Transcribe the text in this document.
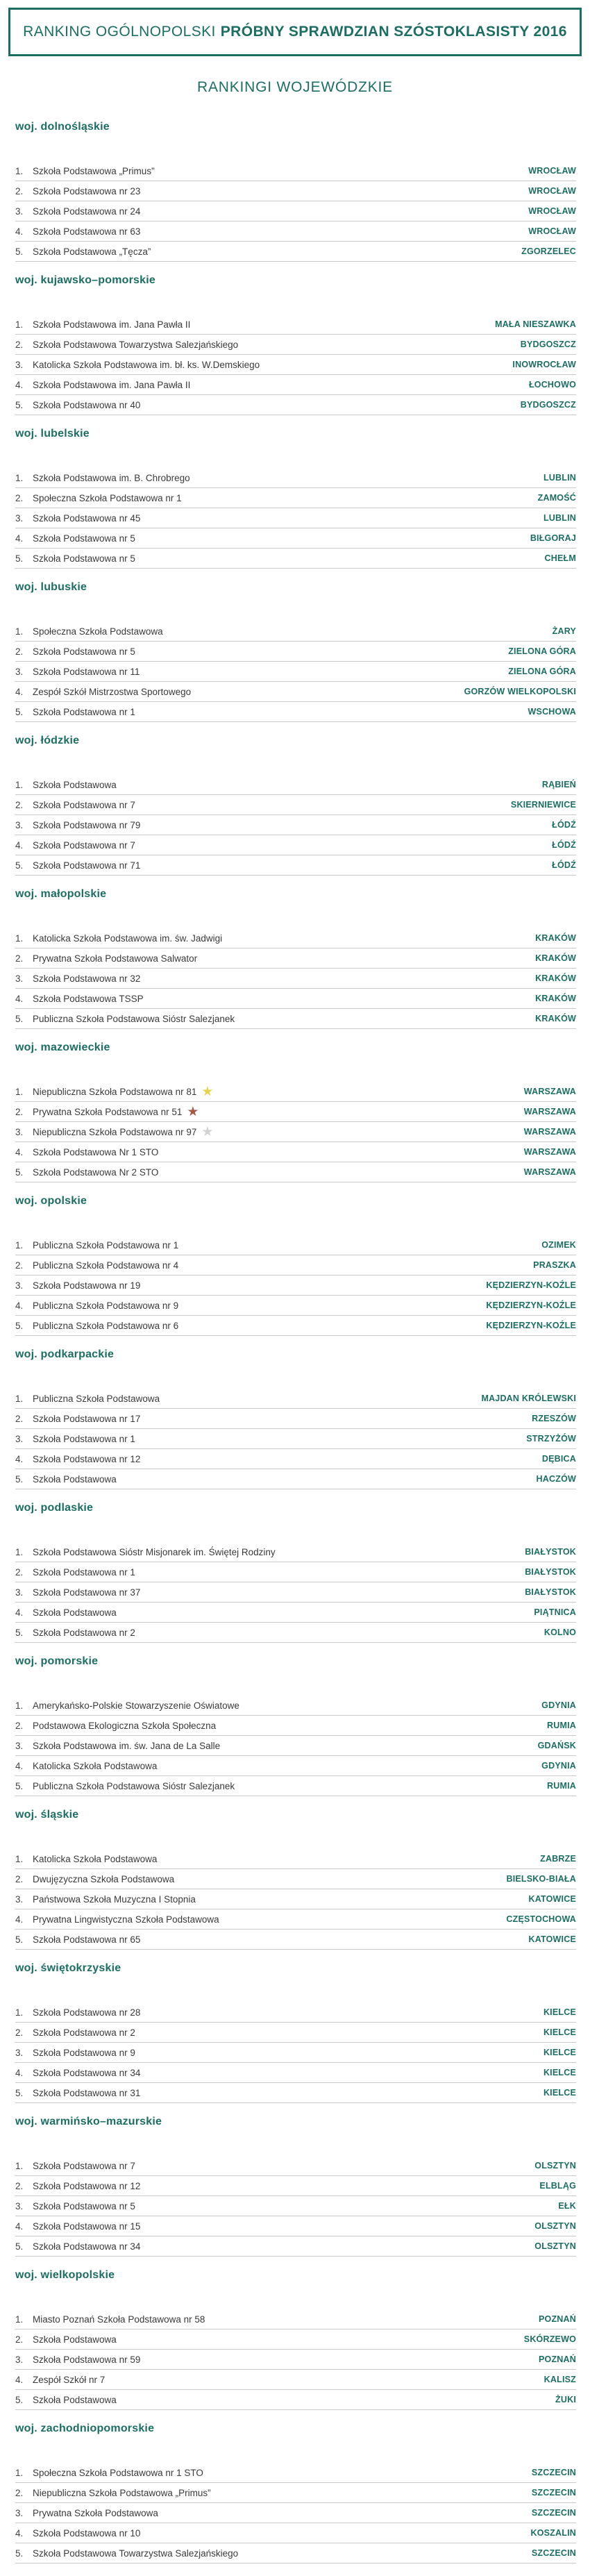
RANKING OGÓLNOPOLSKI PRÓBNY SPRAWDZIAN SZÓSTOKLASISTY 2016
RANKINGI WOJEWÓDZKIE
woj. dolnośląskie
1.	Szkoła Podstawowa „Primus”	WROCŁAW
2.	Szkoła Podstawowa nr 23	WROCŁAW
3.	Szkoła Podstawowa nr 24	WROCŁAW
4.	Szkoła Podstawowa nr 63	WROCŁAW
5.	Szkoła Podstawowa „Tęcza”	ZGORZELEC
woj. kujawsko–pomorskie
1.	Szkoła Podstawowa im. Jana Pawła II	MAŁA NIESZAWKA
2.	Szkoła Podstawowa Towarzystwa Salezjańskiego	BYDGOSZCZ
3.	Katolicka Szkoła Podstawowa im. bł. ks. W.Demskiego	INOWROCŁAW
4.	Szkoła Podstawowa im. Jana Pawła II	ŁOCHOWO
5.	Szkoła Podstawowa nr 40	BYDGOSZCZ
woj. lubelskie
1.	Szkoła Podstawowa im. B. Chrobrego	LUBLIN
2.	Społeczna Szkoła Podstawowa nr 1	ZAMOŚĆ
3.	Szkoła Podstawowa nr 45	LUBLIN
4.	Szkoła Podstawowa nr 5	BIŁGORAJ
5.	Szkoła Podstawowa nr 5	CHEŁM
woj. lubuskie
1.	Społeczna Szkoła Podstawowa	ŻARY
2.	Szkoła Podstawowa nr 5	ZIELONA GÓRA
3.	Szkoła Podstawowa nr 11	ZIELONA GÓRA
4.	Zespół Szkół Mistrzostwa Sportowego	GORZÓW WIELKOPOLSKI
5.	Szkoła Podstawowa nr 1	WSCHOWA
woj. łódzkie
1.	Szkoła Podstawowa	RĄBIEŃ
2.	Szkoła Podstawowa nr 7	SKIERNIEWICE
3.	Szkoła Podstawowa nr 79	ŁÓDŹ
4.	Szkoła Podstawowa nr 7	ŁÓDŹ
5.	Szkoła Podstawowa nr 71	ŁÓDŹ
woj. małopolskie
1.	Katolicka Szkoła Podstawowa im. św. Jadwigi	KRAKÓW
2.	Prywatna Szkoła Podstawowa Salwator	KRAKÓW
3.	Szkoła Podstawowa nr 32	KRAKÓW
4.	Szkoła Podstawowa TSSP	KRAKÓW
5.	Publiczna Szkoła Podstawowa Sióstr Salezjanek	KRAKÓW
woj. mazowieckie
1.	Niepubliczna Szkoła Podstawowa nr 81 ★	WARSZAWA
2.	Prywatna Szkoła Podstawowa nr 51 ★	WARSZAWA
3.	Niepubliczna Szkoła Podstawowa nr 97 ★	WARSZAWA
4.	Szkoła Podstawowa Nr 1 STO	WARSZAWA
5.	Szkoła Podstawowa Nr 2 STO	WARSZAWA
woj. opolskie
1.	Publiczna Szkoła Podstawowa nr 1	OZIMEK
2.	Publiczna Szkoła Podstawowa nr 4	PRASZKA
3.	Szkoła Podstawowa nr 19	KĘDZIERZYN-KOŹLE
4.	Publiczna Szkoła Podstawowa nr 9	KĘDZIERZYN-KOŹLE
5.	Publiczna Szkoła Podstawowa nr 6	KĘDZIERZYN-KOŹLE
woj. podkarpackie
1.	Publiczna Szkoła Podstawowa	MAJDAN KRÓLEWSKI
2.	Szkoła Podstawowa nr 17	RZESZÓW
3.	Szkoła Podstawowa nr 1	STRZYŻÓW
4.	Szkoła Podstawowa nr 12	DĘBICA
5.	Szkoła Podstawowa	HACZÓW
woj. podlaskie
1.	Szkoła Podstawowa Sióstr Misjonarek im. Świętej Rodziny	BIAŁYSTOK
2.	Szkoła Podstawowa nr 1	BIAŁYSTOK
3.	Szkoła Podstawowa nr 37	BIAŁYSTOK
4.	Szkoła Podstawowa	PIĄTNICA
5.	Szkoła Podstawowa nr 2	KOLNO
woj. pomorskie
1.	Amerykańsko-Polskie Stowarzyszenie Oświatowe	GDYNIA
2.	Podstawowa Ekologiczna Szkoła Społeczna	RUMIA
3.	Szkoła Podstawowa im. św. Jana de La Salle	GDAŃSK
4.	Katolicka Szkoła Podstawowa	GDYNIA
5.	Publiczna Szkoła Podstawowa Sióstr Salezjanek	RUMIA
woj. śląskie
1.	Katolicka Szkoła Podstawowa	ZABRZE
2.	Dwujęzyczna Szkoła Podstawowa	BIELSKO-BIAŁA
3.	Państwowa Szkoła Muzyczna I Stopnia	KATOWICE
4.	Prywatna Lingwistyczna Szkoła Podstawowa	CZĘSTOCHOWA
5.	Szkoła Podstawowa nr 65	KATOWICE
woj. świętokrzyskie
1.	Szkoła Podstawowa nr 28	KIELCE
2.	Szkoła Podstawowa nr 2	KIELCE
3.	Szkoła Podstawowa nr 9	KIELCE
4.	Szkoła Podstawowa nr 34	KIELCE
5.	Szkoła Podstawowa nr 31	KIELCE
woj. warmińsko–mazurskie
1.	Szkoła Podstawowa nr 7	OLSZTYN
2.	Szkoła Podstawowa nr 12	ELBLĄG
3.	Szkoła Podstawowa nr 5	EŁK
4.	Szkoła Podstawowa nr 15	OLSZTYN
5.	Szkoła Podstawowa nr 34	OLSZTYN
woj. wielkopolskie
1.	Miasto Poznań Szkoła Podstawowa nr 58	POZNAŃ
2.	Szkoła Podstawowa	SKÓRZEWO
3.	Szkoła Podstawowa nr 59	POZNAŃ
4.	Zespół Szkół nr 7	KALISZ
5.	Szkoła Podstawowa	ŻUKI
woj. zachodniopomorskie
1.	Społeczna Szkoła Podstawowa nr 1 STO	SZCZECIN
2.	Niepubliczna Szkoła Podstawowa „Primus”	SZCZECIN
3.	Prywatna Szkoła Podstawowa	SZCZECIN
4.	Szkoła Podstawowa nr 10	KOSZALIN
5.	Szkoła Podstawowa Towarzystwa Salezjańskiego	SZCZECIN
